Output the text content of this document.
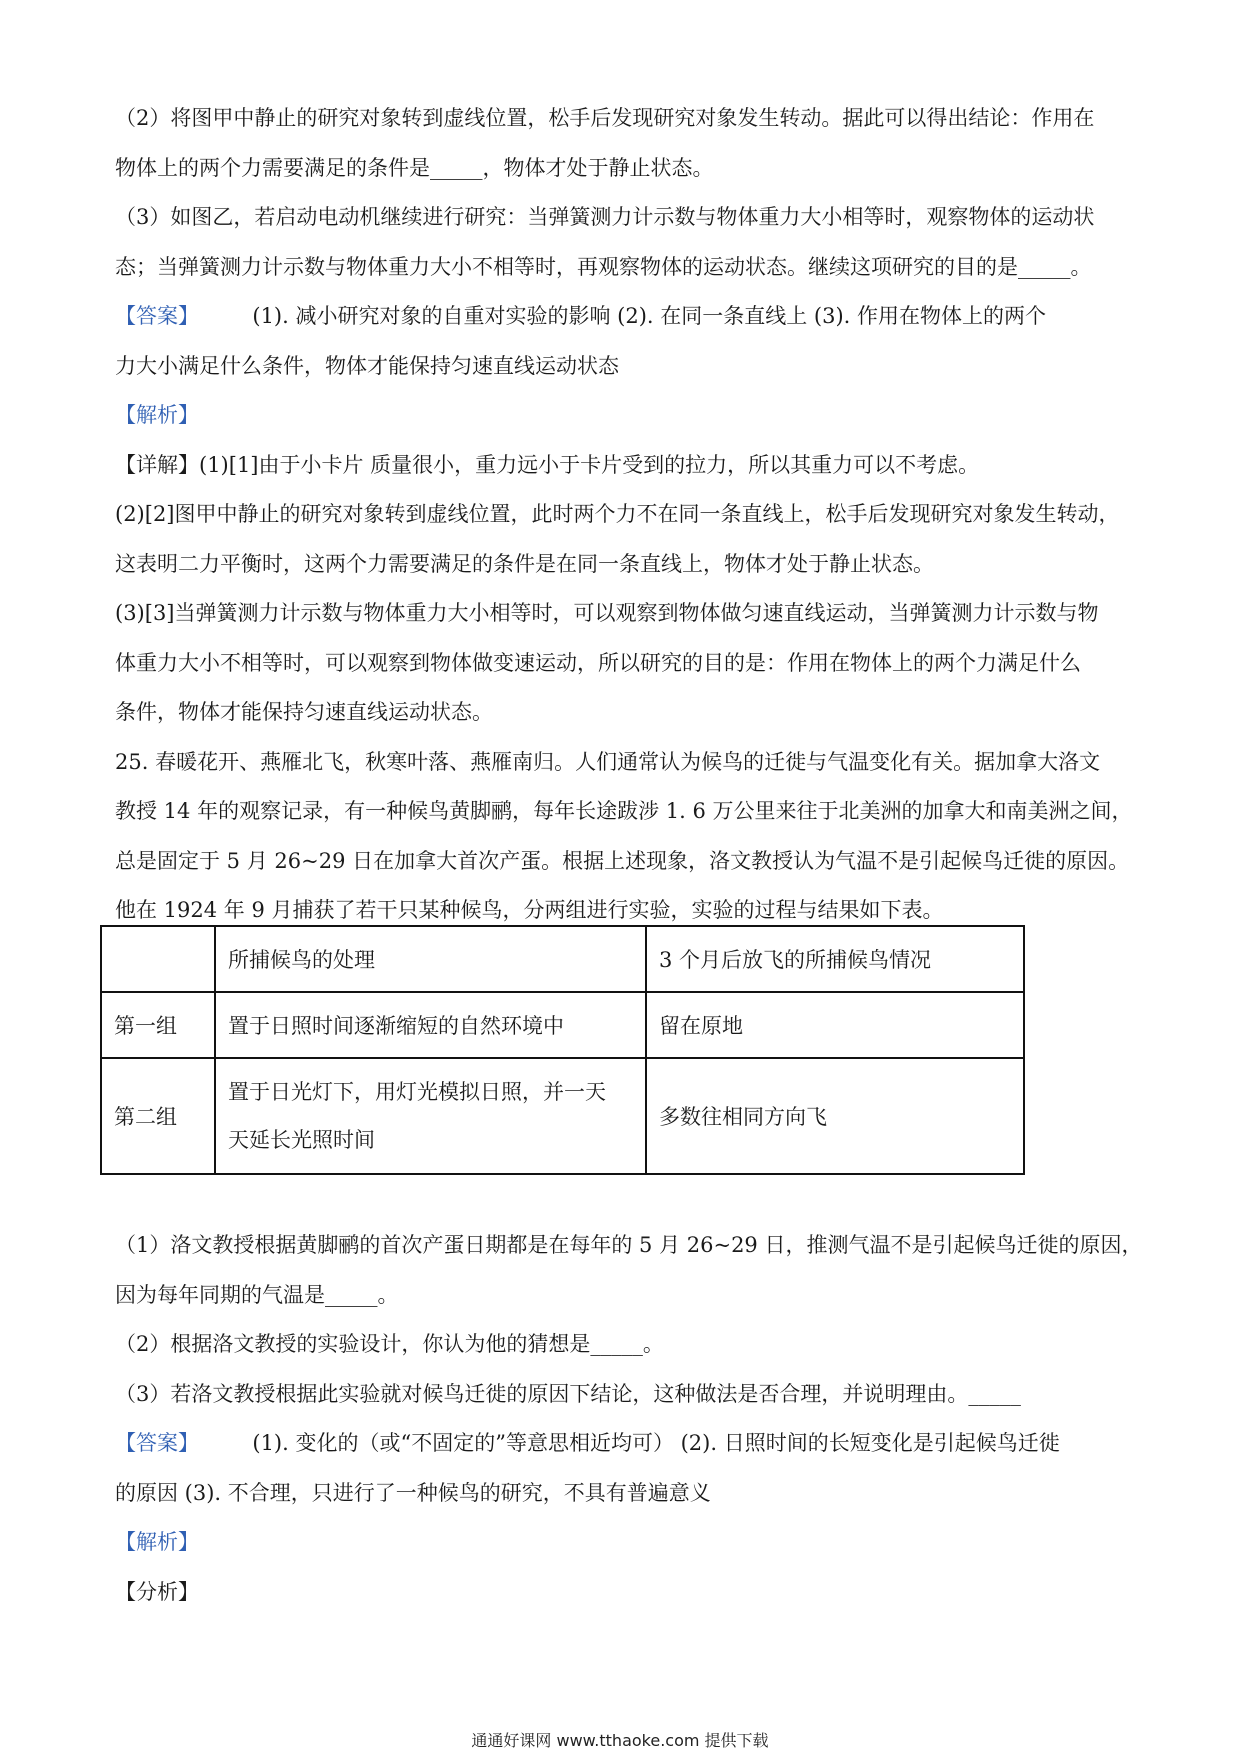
（2）将图甲中静止的研究对象转到虚线位置，松手后发现研究对象发生转动。据此可以得出结论：作用在
物体上的两个力需要满足的条件是_____，物体才处于静止状态。
（3）如图乙，若启动电动机继续进行研究：当弹簧测力计示数与物体重力大小相等时，观察物体的运动状
态；当弹簧测力计示数与物体重力大小不相等时，再观察物体的运动状态。继续这项研究的目的是_____。
【答案】	(1). 减小研究对象的自重对实验的影响 (2). 在同一条直线上 (3). 作用在物体上的两个
力大小满足什么条件，物体才能保持匀速直线运动状态
【解析】
【详解】(1)[1]由于小卡片 质量很小，重力远小于卡片受到的拉力，所以其重力可以不考虑。
(2)[2]图甲中静止的研究对象转到虚线位置，此时两个力不在同一条直线上，松手后发现研究对象发生转动，
这表明二力平衡时，这两个力需要满足的条件是在同一条直线上，物体才处于静止状态。
(3)[3]当弹簧测力计示数与物体重力大小相等时，可以观察到物体做匀速直线运动，当弹簧测力计示数与物
体重力大小不相等时，可以观察到物体做变速运动，所以研究的目的是：作用在物体上的两个力满足什么
条件，物体才能保持匀速直线运动状态。
25. 春暖花开、燕雁北飞，秋寒叶落、燕雁南归。人们通常认为候鸟的迁徙与气温变化有关。据加拿大洛文
教授 14 年的观察记录，有一种候鸟黄脚鹂，每年长途跋涉 1. 6 万公里来往于北美洲的加拿大和南美洲之间，
总是固定于 5 月 26~29 日在加拿大首次产蛋。根据上述现象，洛文教授认为气温不是引起候鸟迁徙的原因。
他在 1924 年 9 月捕获了若干只某种候鸟，分两组进行实验，实验的过程与结果如下表。
	所捕候鸟的处理	3 个月后放飞的所捕候鸟情况
第一组	置于日照时间逐渐缩短的自然环境中	留在原地
第二组	置于日光灯下，用灯光模拟日照，并一天
天延长光照时间	多数往相同方向飞
（1）洛文教授根据黄脚鹂的首次产蛋日期都是在每年的 5 月 26~29 日，推测气温不是引起候鸟迁徙的原因，
因为每年同期的气温是_____。
（2）根据洛文教授的实验设计，你认为他的猜想是_____。
（3）若洛文教授根据此实验就对候鸟迁徙的原因下结论，这种做法是否合理，并说明理由。_____
【答案】	(1). 变化的（或“不固定的”等意思相近均可） (2). 日照时间的长短变化是引起候鸟迁徙
的原因 (3). 不合理，只进行了一种候鸟的研究，不具有普遍意义
【解析】
【分析】
通通好课网 www.tthaoke.com 提供下载
